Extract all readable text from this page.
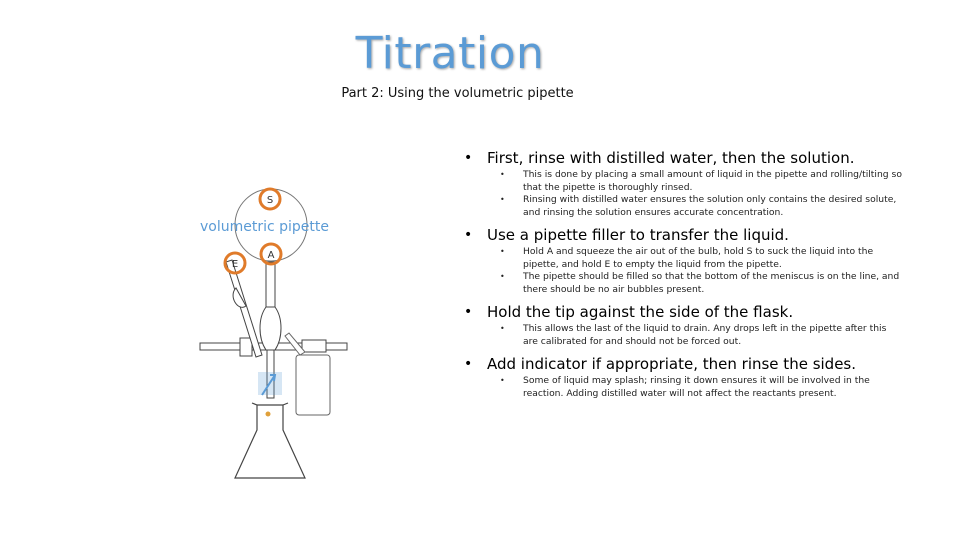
Titration
Part 2: Using the volumetric pipette
S
A
E
volumetric pipette
• First, rinse with distilled water, then the solution.
• This is done by placing a small amount of liquid in the pipette and rolling/tilting so that the pipette is thoroughly rinsed.
• Rinsing with distilled water ensures the solution only contains the desired solute, and rinsing the solution ensures accurate concentration.
• Use a pipette filler to transfer the liquid.
• Hold A and squeeze the air out of the bulb, hold S to suck the liquid into the pipette, and hold E to empty the liquid from the pipette.
• The pipette should be filled so that the bottom of the meniscus is on the line, and there should be no air bubbles present.
• Hold the tip against the side of the flask.
• This allows the last of the liquid to drain. Any drops left in the pipette after this are calibrated for and should not be forced out.
• Add indicator if appropriate, then rinse the sides.
• Some of liquid may splash; rinsing it down ensures it will be involved in the reaction. Adding distilled water will not affect the reactants present.
